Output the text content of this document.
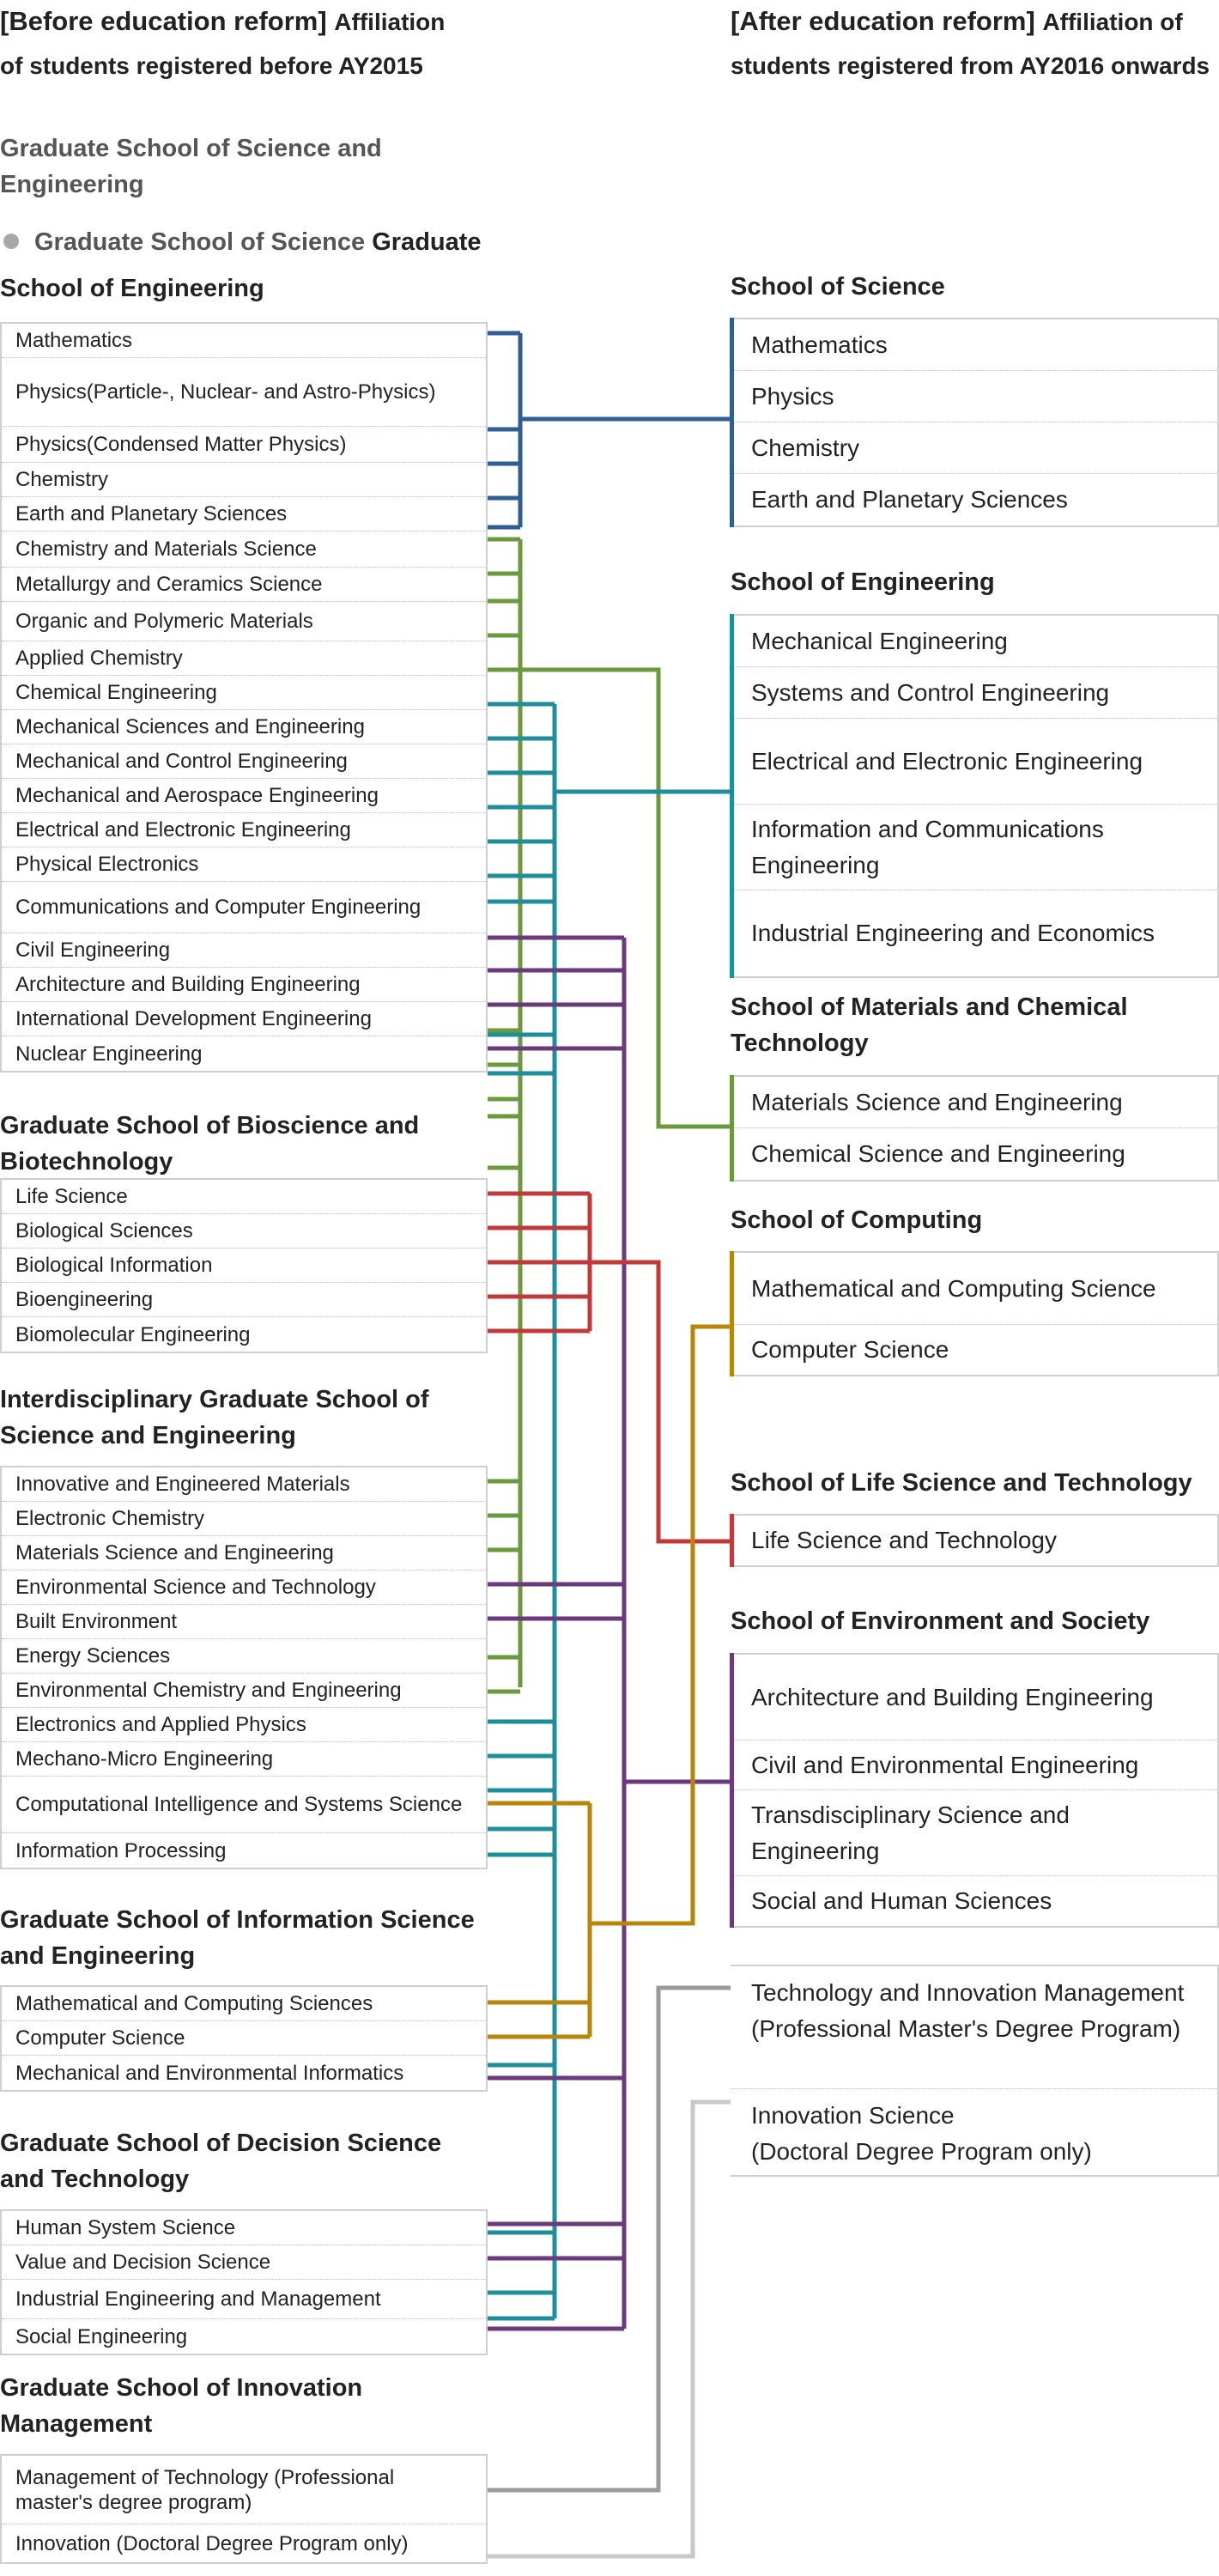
[Before education reform] Affiliation
of students registered before AY2015
[After education reform] Affiliation of
students registered from AY2016 onwards
Graduate School of Science and Engineering
Graduate School of Science Graduate
School of Engineering
Mathematics
Physics(Particle-, Nuclear- and Astro-Physics)
Physics(Condensed Matter Physics)
Chemistry
Earth and Planetary Sciences
Chemistry and Materials Science
Metallurgy and Ceramics Science
Organic and Polymeric Materials
Applied Chemistry
Chemical Engineering
Mechanical Sciences and Engineering
Mechanical and Control Engineering
Mechanical and Aerospace Engineering
Electrical and Electronic Engineering
Physical Electronics
Communications and Computer Engineering
Civil Engineering
Architecture and Building Engineering
International Development Engineering
Nuclear Engineering
Graduate School of Bioscience and Biotechnology
Life Science
Biological Sciences
Biological Information
Bioengineering
Biomolecular Engineering
Interdisciplinary Graduate School of Science and Engineering
Innovative and Engineered Materials
Electronic Chemistry
Materials Science and Engineering
Environmental Science and Technology
Built Environment
Energy Sciences
Environmental Chemistry and Engineering
Electronics and Applied Physics
Mechano-Micro Engineering
Computational Intelligence and Systems Science
Information Processing
Graduate School of Information Science and Engineering
Mathematical and Computing Sciences
Computer Science
Mechanical and Environmental Informatics
Graduate School of Decision Science and Technology
Human System Science
Value and Decision Science
Industrial Engineering and Management
Social Engineering
Graduate School of Innovation Management
Management of Technology (Professional master's degree program)
Innovation (Doctoral Degree Program only)
School of Science
Mathematics
Physics
Chemistry
Earth and Planetary Sciences
School of Engineering
Mechanical Engineering
Systems and Control Engineering
Electrical and Electronic Engineering
Information and Communications Engineering
Industrial Engineering and Economics
School of Materials and Chemical Technology
Materials Science and Engineering
Chemical Science and Engineering
School of Computing
Mathematical and Computing Science
Computer Science
School of Life Science and Technology
Life Science and Technology
School of Environment and Society
Architecture and Building Engineering
Civil and Environmental Engineering
Transdisciplinary Science and Engineering
Social and Human Sciences
Technology and Innovation Management
(Professional Master's Degree Program)
Innovation Science
(Doctoral Degree Program only)
